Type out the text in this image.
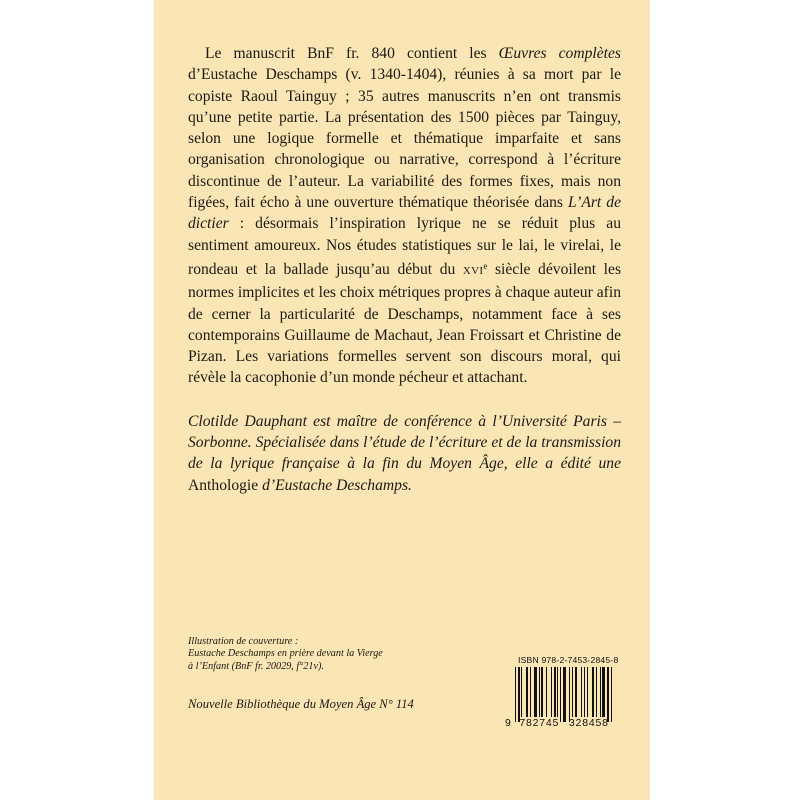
Le manuscrit BnF fr. 840 contient les Œuvres complètes d’Eustache Deschamps (v. 1340-1404), réunies à sa mort par le copiste Raoul Tainguy ; 35 autres manuscrits n’en ont transmis qu’une petite partie. La présentation des 1500 pièces par Tainguy, selon une logique formelle et thématique imparfaite et sans organisation chronologique ou narrative, correspond à l’écriture discontinue de l’auteur. La variabilité des formes fixes, mais non figées, fait écho à une ouverture thématique théorisée dans L’Art de dictier : désormais l’inspiration lyrique ne se réduit plus au sentiment amoureux. Nos études statistiques sur le lai, le virelai, le rondeau et la ballade jusqu’au début du XVIe siècle dévoilent les normes implicites et les choix métriques propres à chaque auteur afin de cerner la particularité de Deschamps, notamment face à ses contemporains Guillaume de Machaut, Jean Froissart et Christine de Pizan. Les variations formelles servent son discours moral, qui révèle la cacophonie d’un monde pécheur et attachant.

Clotilde Dauphant est maître de conférence à l’Université Paris – Sorbonne. Spécialisée dans l’étude de l’écriture et de la transmission de la lyrique française à la fin du Moyen Âge, elle a édité une Anthologie d’Eustache Deschamps.

Illustration de couverture :
Eustache Deschamps en prière devant la Vierge
à l’Enfant (BnF fr. 20029, f°21v).
Nouvelle Bibliothèque du Moyen Âge N° 114
ISBN 978-2-7453-2845-8
9 782745 328458
